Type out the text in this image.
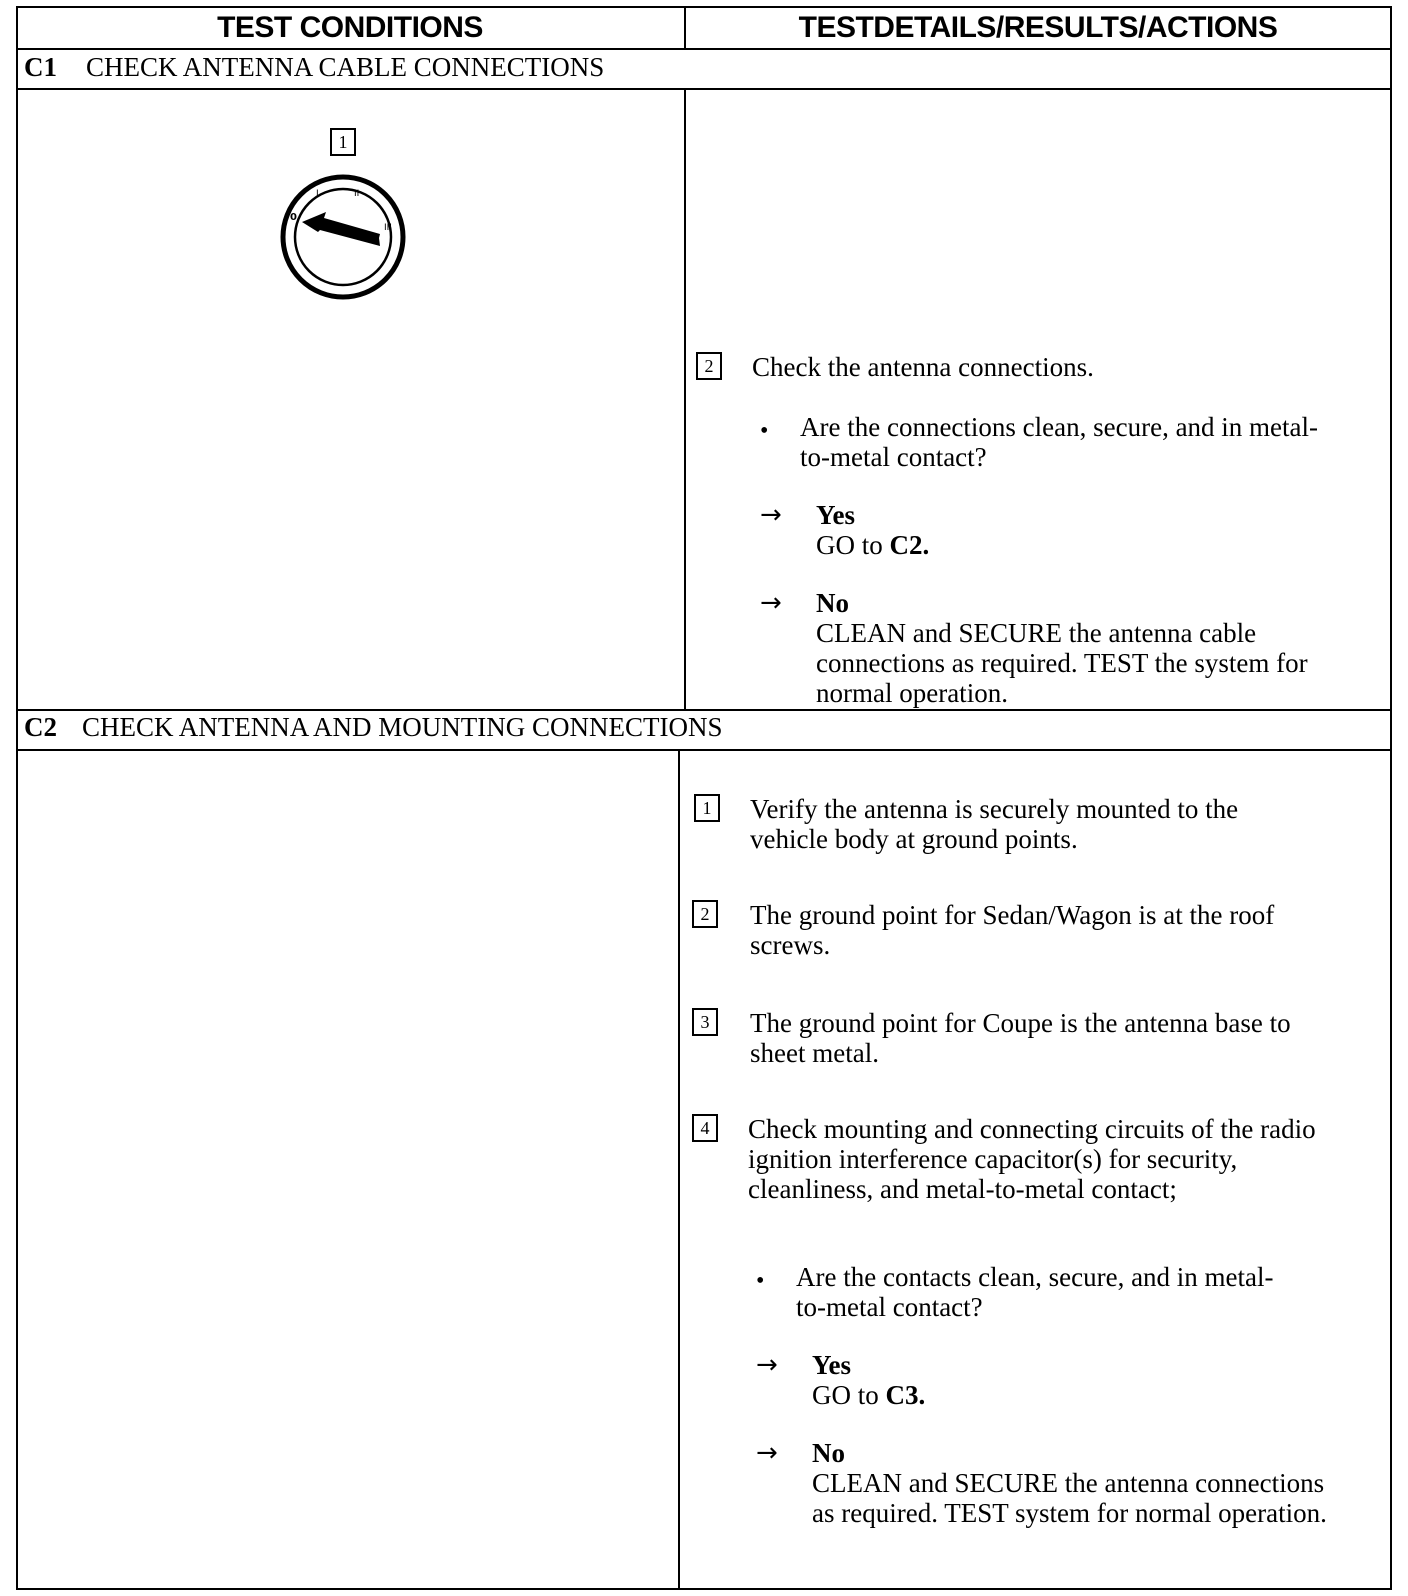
TEST CONDITIONS	TESTDETAILS/RESULTS/ACTIONS
C1 CHECK ANTENNA CABLE CONNECTIONS
1
0
I	II
III
2	Check the antenna connections.
• Are the connections clean, secure, and in metal-to-metal contact?
→ Yes
GO to C2.
→ No
CLEAN and SECURE the antenna cable connections as required. TEST the system for normal operation.
C2 CHECK ANTENNA AND MOUNTING CONNECTIONS
1	Verify the antenna is securely mounted to the vehicle body at ground points.
2	The ground point for Sedan/Wagon is at the roof screws.
3	The ground point for Coupe is the antenna base to sheet metal.
4	Check mounting and connecting circuits of the radio ignition interference capacitor(s) for security, cleanliness, and metal-to-metal contact;
• Are the contacts clean, secure, and in metal-to-metal contact?
→ Yes
GO to C3.
→ No
CLEAN and SECURE the antenna connections as required. TEST system for normal operation.
